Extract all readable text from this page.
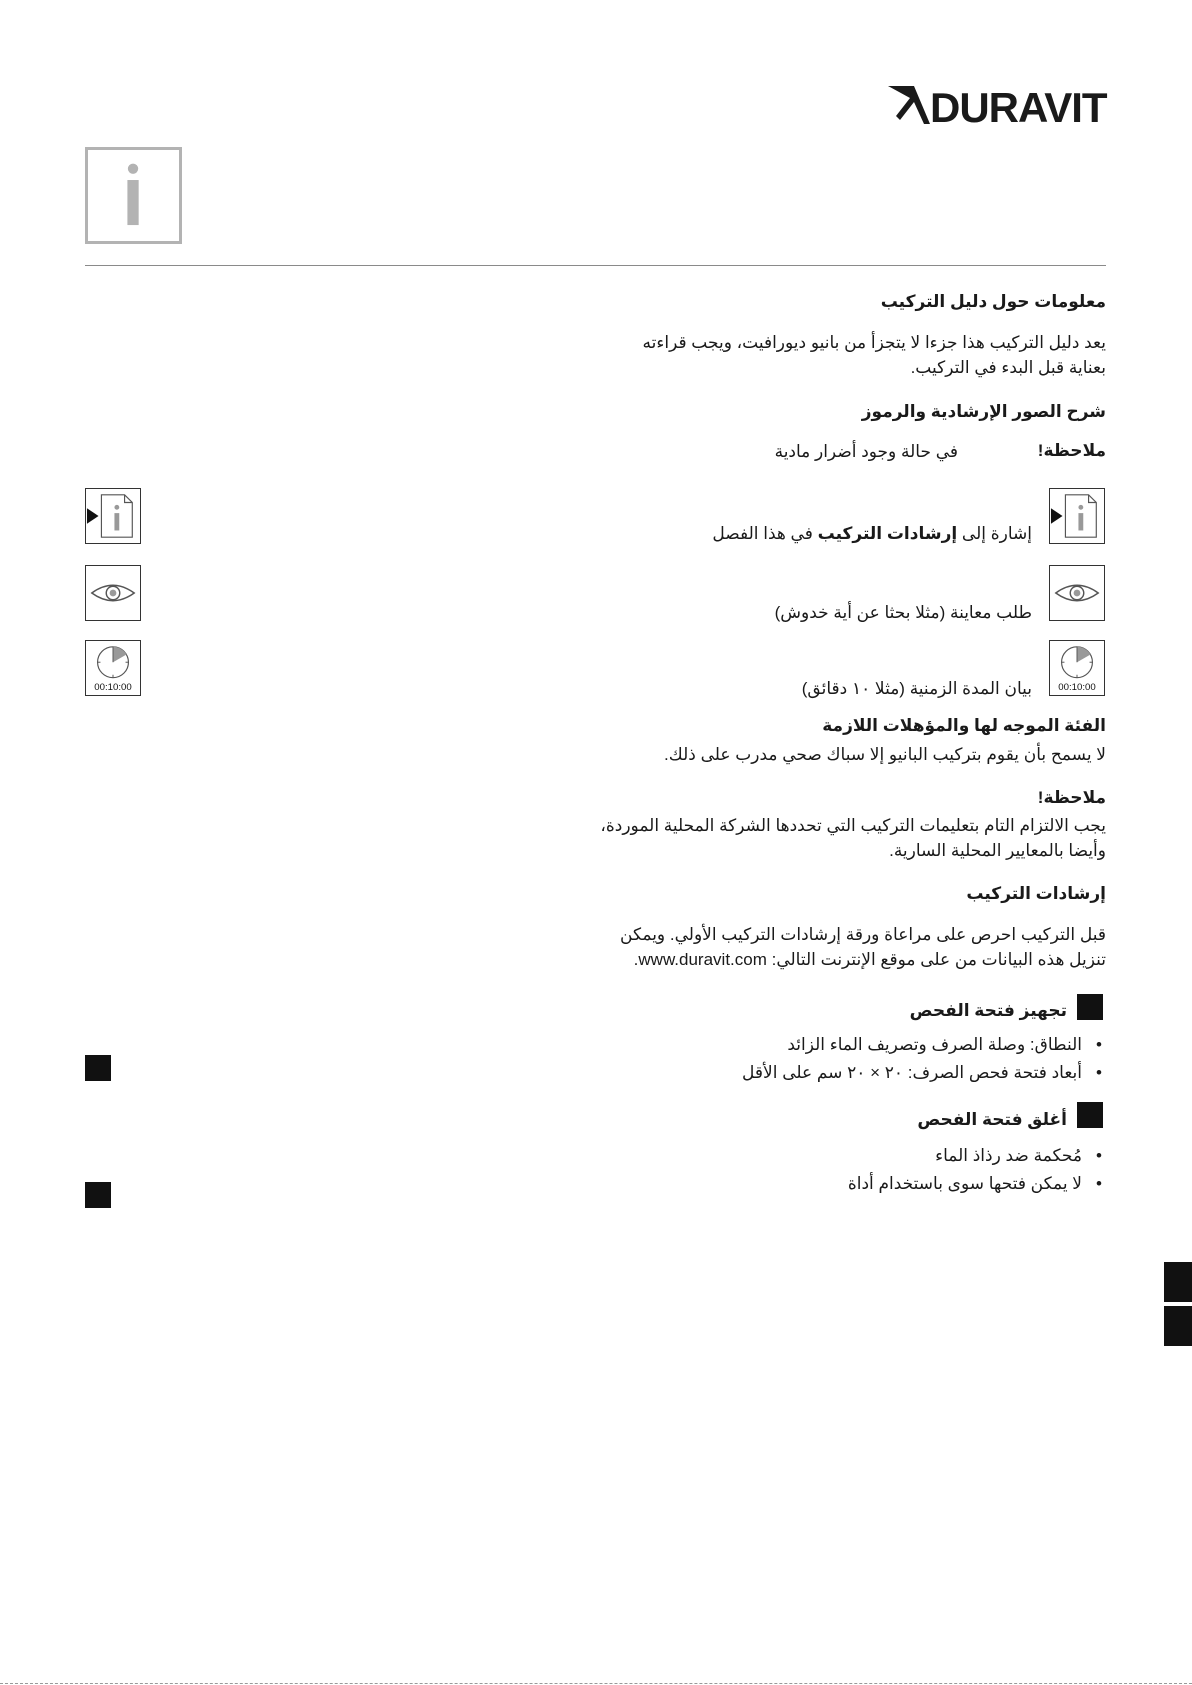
DURAVIT
معلومات حول دليل التركيب
يعد دليل التركيب هذا جزءا لا يتجزأ من بانيو ديورافيت، ويجب قراءته
بعناية قبل البدء في التركيب.
شرح الصور الإرشادية والرموز
ملاحظة!
في حالة وجود أضرار مادية
إشارة إلى إرشادات التركيب في هذا الفصل
طلب معاينة (مثلا بحثا عن أية خدوش)
00:10:00	00:10:00
بيان المدة الزمنية (مثلا ١٠ دقائق)
الفئة الموجه لها والمؤهلات اللازمة
لا يسمح بأن يقوم بتركيب البانيو إلا سباك صحي مدرب على ذلك.
ملاحظة!
يجب الالتزام التام بتعليمات التركيب التي تحددها الشركة المحلية الموردة،
وأيضا بالمعايير المحلية السارية.
إرشادات التركيب
قبل التركيب احرص على مراعاة ورقة إرشادات التركيب الأولي. ويمكن
تنزيل هذه البيانات من على موقع الإنترنت التالي: www.duravit.com.
تجهيز فتحة الفحص
• النطاق: وصلة الصرف وتصريف الماء الزائد
• أبعاد فتحة فحص الصرف: ٢٠ × ٢٠ سم على الأقل
أغلق فتحة الفحص
• مُحكمة ضد رذاذ الماء
• لا يمكن فتحها سوى باستخدام أداة
